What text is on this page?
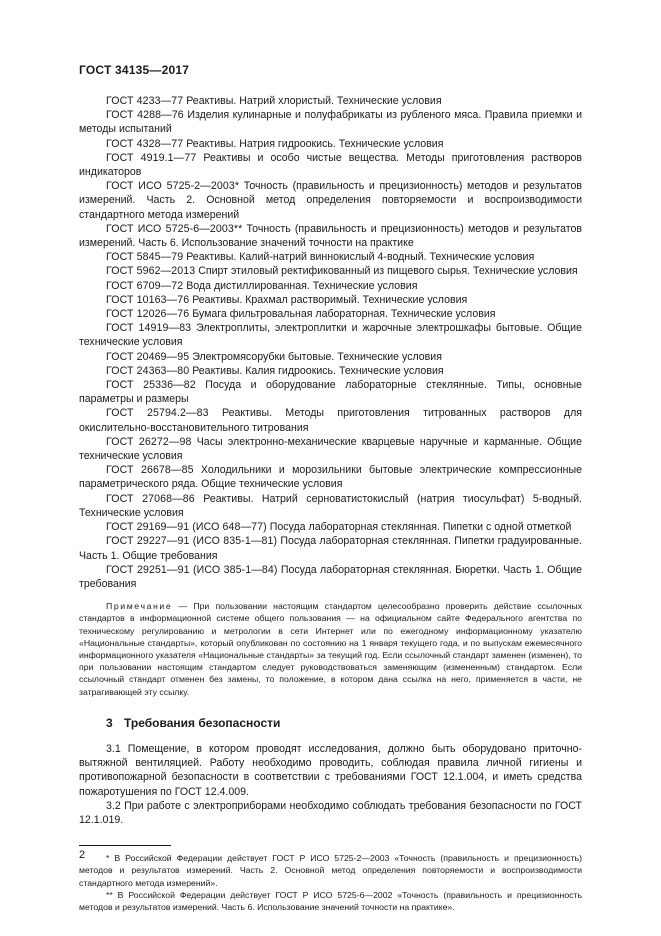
ГОСТ 34135—2017

ГОСТ 4233—77 Реактивы. Натрий хлористый. Технические условия

ГОСТ 4288—76 Изделия кулинарные и полуфабрикаты из рубленого мяса. Правила приемки и методы испытаний

ГОСТ 4328—77 Реактивы. Натрия гидроокись. Технические условия

ГОСТ 4919.1—77 Реактивы и особо чистые вещества. Методы приготовления растворов индикаторов

ГОСТ ИСО 5725-2—2003* Точность (правильность и прецизионность) методов и результатов измерений. Часть 2. Основной метод определения повторяемости и воспроизводимости стандартного метода измерений

ГОСТ ИСО 5725-6—2003** Точность (правильность и прецизионность) методов и результатов измерений. Часть 6. Использование значений точности на практике

ГОСТ 5845—79 Реактивы. Калий-натрий виннокислый 4-водный. Технические условия

ГОСТ 5962—2013 Спирт этиловый ректификованный из пищевого сырья. Технические условия

ГОСТ 6709—72 Вода дистиллированная. Технические условия

ГОСТ 10163—76 Реактивы. Крахмал растворимый. Технические условия

ГОСТ 12026—76 Бумага фильтровальная лабораторная. Технические условия

ГОСТ 14919—83 Электроплиты, электроплитки и жарочные электрошкафы бытовые. Общие технические условия

ГОСТ 20469—95 Электромясорубки бытовые. Технические условия

ГОСТ 24363—80 Реактивы. Калия гидроокись. Технические условия

ГОСТ 25336—82 Посуда и оборудование лабораторные стеклянные. Типы, основные параметры и размеры

ГОСТ 25794.2—83 Реактивы. Методы приготовления титрованных растворов для окислительно-восстановительного титрования

ГОСТ 26272—98 Часы электронно-механические кварцевые наручные и карманные. Общие технические условия

ГОСТ 26678—85 Холодильники и морозильники бытовые электрические компрессионные параметрического ряда. Общие технические условия

ГОСТ 27068—86 Реактивы. Натрий серноватистокислый (натрия тиосульфат) 5-водный. Технические условия

ГОСТ 29169—91 (ИСО 648—77) Посуда лабораторная стеклянная. Пипетки с одной отметкой

ГОСТ 29227—91 (ИСО 835-1—81) Посуда лабораторная стеклянная. Пипетки градуированные. Часть 1. Общие требования

ГОСТ 29251—91 (ИСО 385-1—84) Посуда лабораторная стеклянная. Бюретки. Часть 1. Общие требования

Примечание — При пользовании настоящим стандартом целесообразно проверить действие ссылочных стандартов в информационной системе общего пользования — на официальном сайте Федерального агентства по техническому регулированию и метрологии в сети Интернет или по ежегодному информационному указателю «Национальные стандарты», который опубликован по состоянию на 1 января текущего года, и по выпускам ежемесячного информационного указателя «Национальные стандарты» за текущий год. Если ссылочный стандарт заменен (изменен), то при пользовании настоящим стандартом следует руководствоваться заменяющим (измененным) стандартом. Если ссылочный стандарт отменен без замены, то положение, в котором дана ссылка на него, применяется в части, не затрагивающей эту ссылку.
3 Требования безопасности

3.1 Помещение, в котором проводят исследования, должно быть оборудовано приточно-вытяжной вентиляцией. Работу необходимо проводить, соблюдая правила личной гигиены и противопожарной безопасности в соответствии с требованиями ГОСТ 12.1.004, и иметь средства пожаротушения по ГОСТ 12.4.009.

3.2 При работе с электроприборами необходимо соблюдать требования безопасности по ГОСТ 12.1.019.

* В Российской Федерации действует ГОСТ Р ИСО 5725-2—2003 «Точность (правильность и прецизионность) методов и результатов измерений. Часть 2. Основной метод определения повторяемости и воспроизводимости стандартного метода измерений».

** В Российской Федерации действует ГОСТ Р ИСО 5725-6—2002 «Точность (правильность и прецизионность методов и результатов измерений. Часть 6. Использование значений точности на практике».

2
